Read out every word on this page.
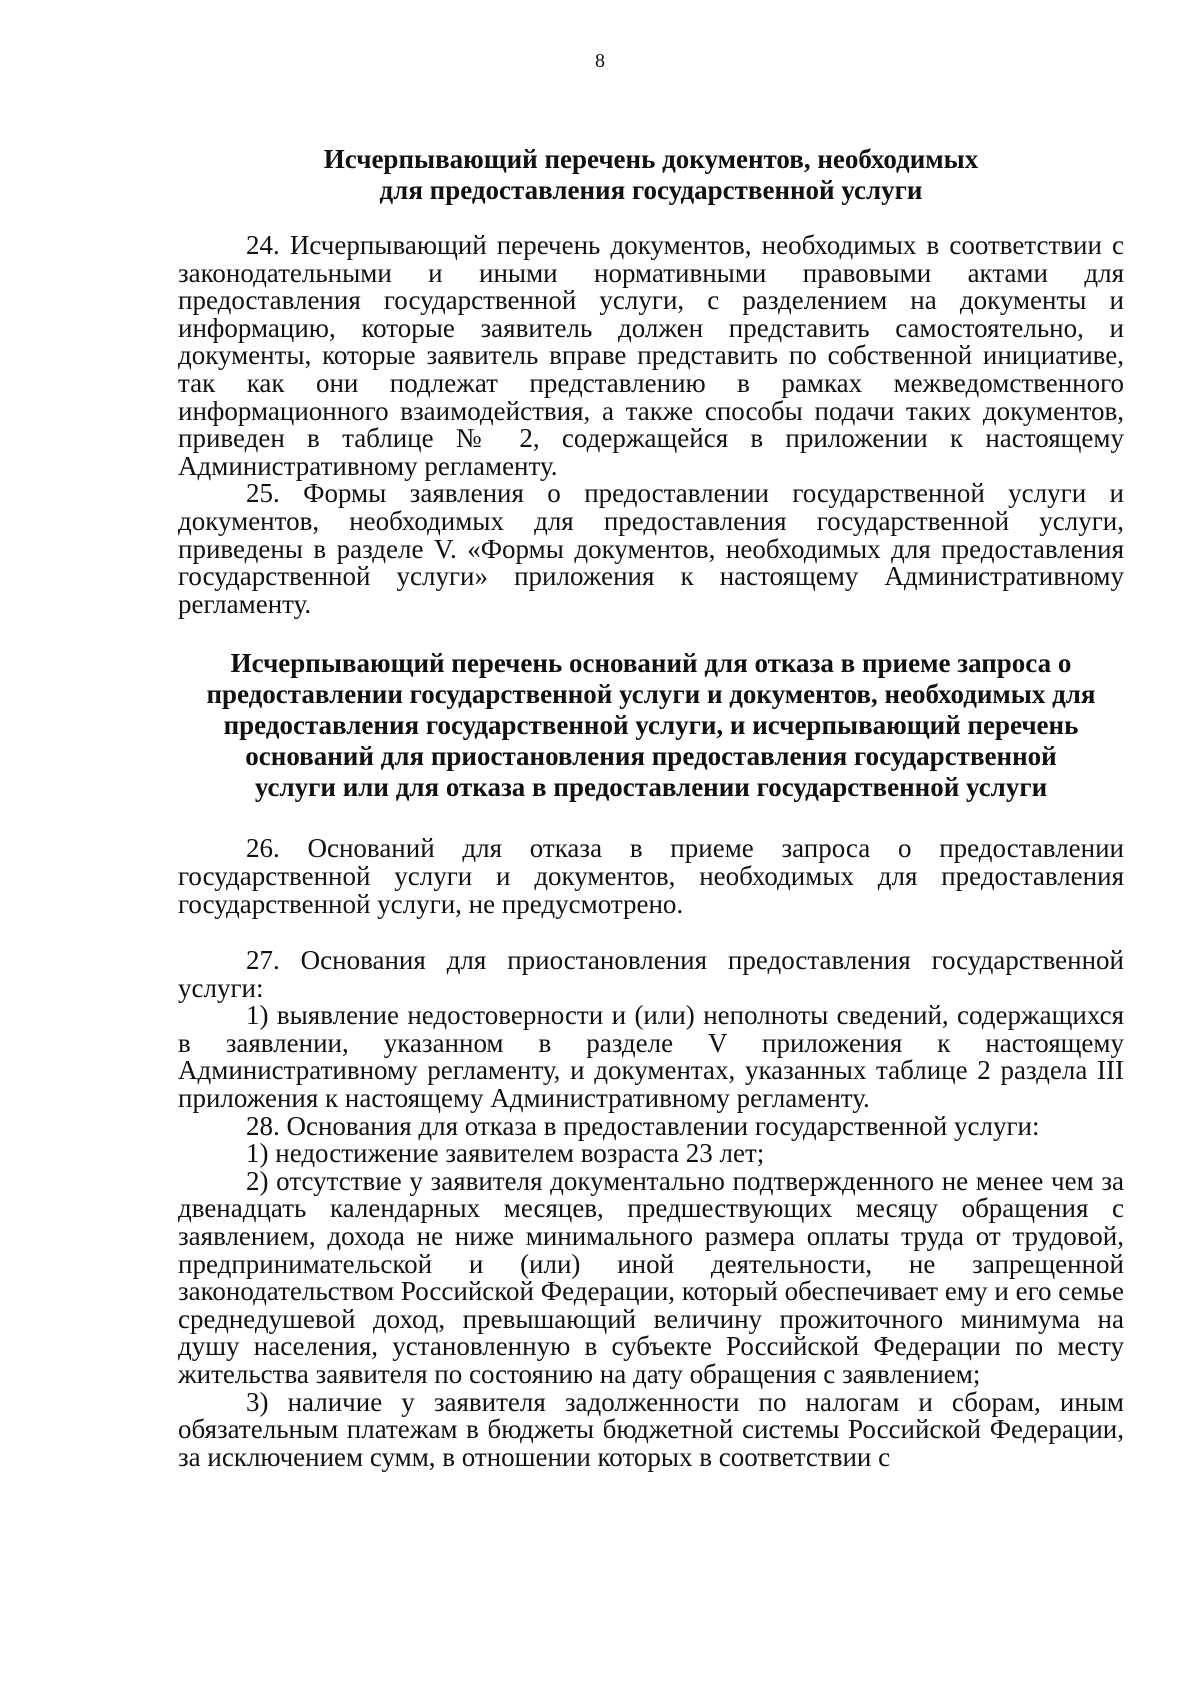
8
Исчерпывающий перечень документов, необходимых
для предоставления государственной услуги

24. Исчерпывающий перечень документов, необходимых в соответствии с законодательными и иными нормативными правовыми актами для предоставления государственной услуги, с разделением на документы и информацию, которые заявитель должен представить самостоятельно, и документы, которые заявитель вправе представить по собственной инициативе, так как они подлежат представлению в рамках межведомственного информационного взаимодействия, а также способы подачи таких документов, приведен в таблице № 2, содержащейся в приложении к настоящему Административному регламенту.

25. Формы заявления о предоставлении государственной услуги и документов, необходимых для предоставления государственной услуги, приведены в разделе V. «Формы документов, необходимых для предоставления государственной услуги» приложения к настоящему Административному регламенту.

Исчерпывающий перечень оснований для отказа в приеме запроса о
предоставлении государственной услуги и документов, необходимых для
предоставления государственной услуги, и исчерпывающий перечень
оснований для приостановления предоставления государственной
услуги или для отказа в предоставлении государственной услуги

26. Оснований для отказа в приеме запроса о предоставлении государственной услуги и документов, необходимых для предоставления государственной услуги, не предусмотрено.

27. Основания для приостановления предоставления государственной услуги:

1) выявление недостоверности и (или) неполноты сведений, содержащихся в заявлении, указанном в разделе V приложения к настоящему Административному регламенту, и документах, указанных таблице 2 раздела III приложения к настоящему Административному регламенту.

28. Основания для отказа в предоставлении государственной услуги:

1) недостижение заявителем возраста 23 лет;

2) отсутствие у заявителя документально подтвержденного не менее чем за двенадцать календарных месяцев, предшествующих месяцу обращения с заявлением, дохода не ниже минимального размера оплаты труда от трудовой, предпринимательской и (или) иной деятельности, не запрещенной законодательством Российской Федерации, который обеспечивает ему и его семье среднедушевой доход, превышающий величину прожиточного минимума на душу населения, установленную в субъекте Российской Федерации по месту жительства заявителя по состоянию на дату обращения с заявлением;

3) наличие у заявителя задолженности по налогам и сборам, иным обязательным платежам в бюджеты бюджетной системы Российской Федерации, за исключением сумм, в отношении которых в соответствии с
